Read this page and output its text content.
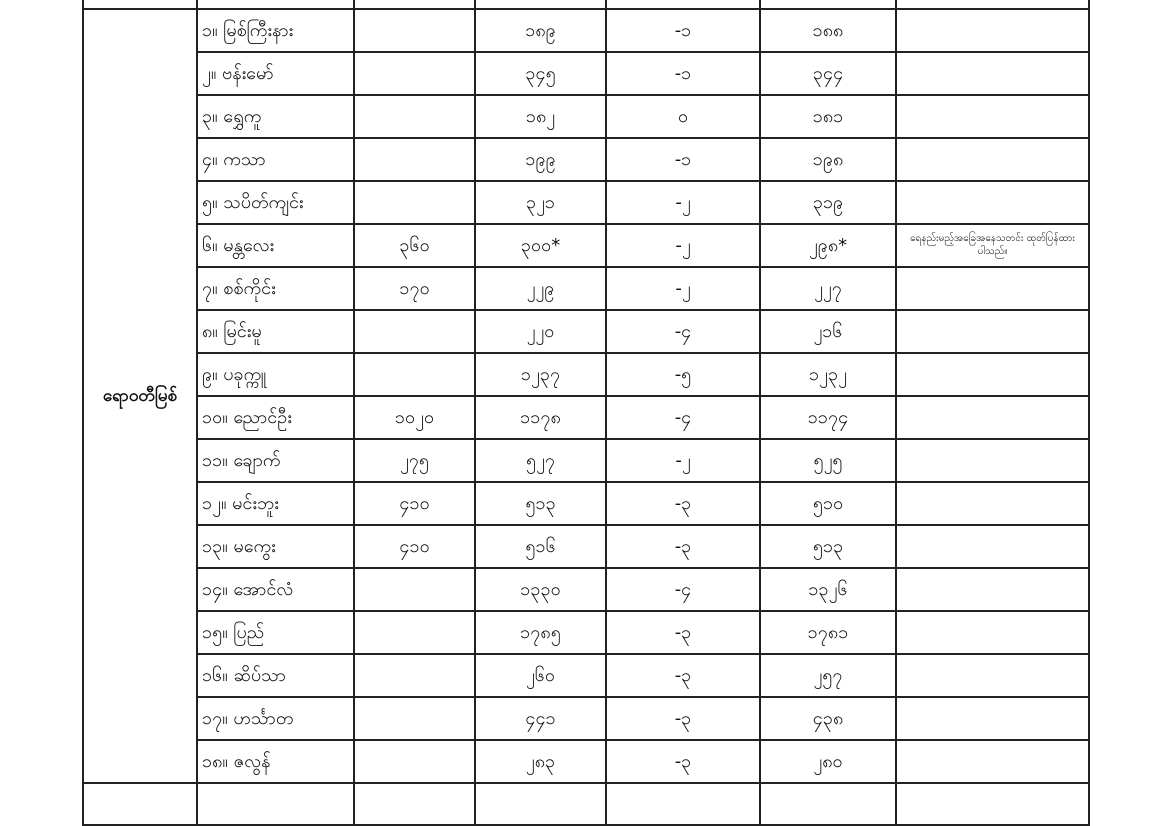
ရောဝတီမြစ်	၁။ မြစ်ကြီးနား		၁၈၉	-၁	၁၈၈	
	၂။ ဗန်းမော်		၃၄၅	-၁	၃၄၄	
	၃။ ရွှေကူ		၁၈၂	၀	၁၈၁	
	၄။ ကသာ		၁၉၉	-၁	၁၉၈	
	၅။ သပိတ်ကျင်း		၃၂၁	-၂	၃၁၉	
	၆။ မန္တလေး	၃၆၀	၃၀၀*	-၂	၂၉၈*	ရေနည်းမည့်အခြေအနေသတင်း ထုတ်ပြန်ထားပါသည်။
	၇။ စစ်ကိုင်း	၁၇၀	၂၂၉	-၂	၂၂၇	
	၈။ မြင်းမူ		၂၂၀	-၄	၂၁၆	
	၉။ ပခုက္ကူ		၁၂၃၇	-၅	၁၂၃၂	
	၁၀။ ညောင်ဦး	၁၀၂၀	၁၁၇၈	-၄	၁၁၇၄	
	၁၁။ ချောက်	၂၇၅	၅၂၇	-၂	၅၂၅	
	၁၂။ မင်းဘူး	၄၁၀	၅၁၃	-၃	၅၁၀	
	၁၃။ မကွေး	၄၁၀	၅၁၆	-၃	၅၁၃	
	၁၄။ အောင်လံ		၁၃၃၀	-၄	၁၃၂၆	
	၁၅။ ပြည်		၁၇၈၅	-၃	၁၇၈၁	
	၁၆။ ဆိပ်သာ		၂၆၀	-၃	၂၅၇	
	၁၇။ ဟင်္သာတ		၄၄၁	-၃	၄၃၈	
	၁၈။ ဇလွန်		၂၈၃	-၃	၂၈၀	
